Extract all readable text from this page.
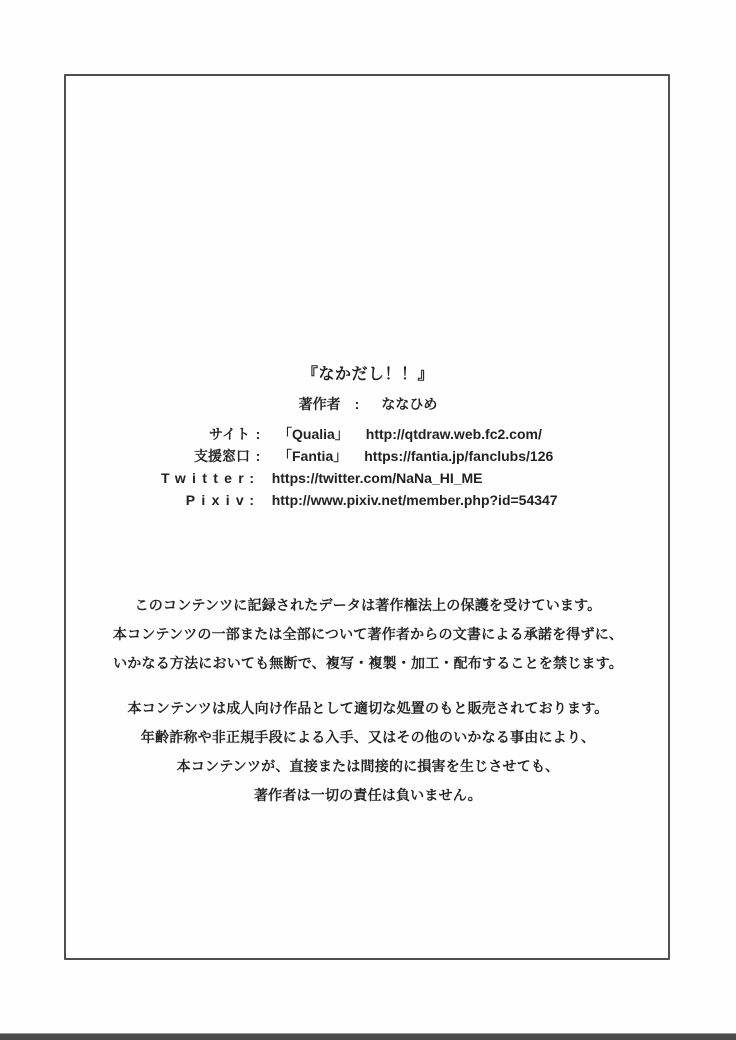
『なかだし！！』
著作者 : ななひめ
サイト :	「Qualia」 http://qtdraw.web.fc2.com/
支援窓口 :	「Fantia」 https://fantia.jp/fanclubs/126
Twitter :	https://twitter.com/NaNa_HI_ME
Pixiv :	http://www.pixiv.net/member.php?id=54347
このコンテンツに記録されたデータは著作権法上の保護を受けています。
本コンテンツの一部または全部について著作者からの文書による承諾を得ずに、
いかなる方法においても無断で、複写・複製・加工・配布することを禁じます。
本コンテンツは成人向け作品として適切な処置のもと販売されております。
年齢詐称や非正規手段による入手、又はその他のいかなる事由により、
本コンテンツが、直接または間接的に損害を生じさせても、
著作者は一切の責任は負いません。
